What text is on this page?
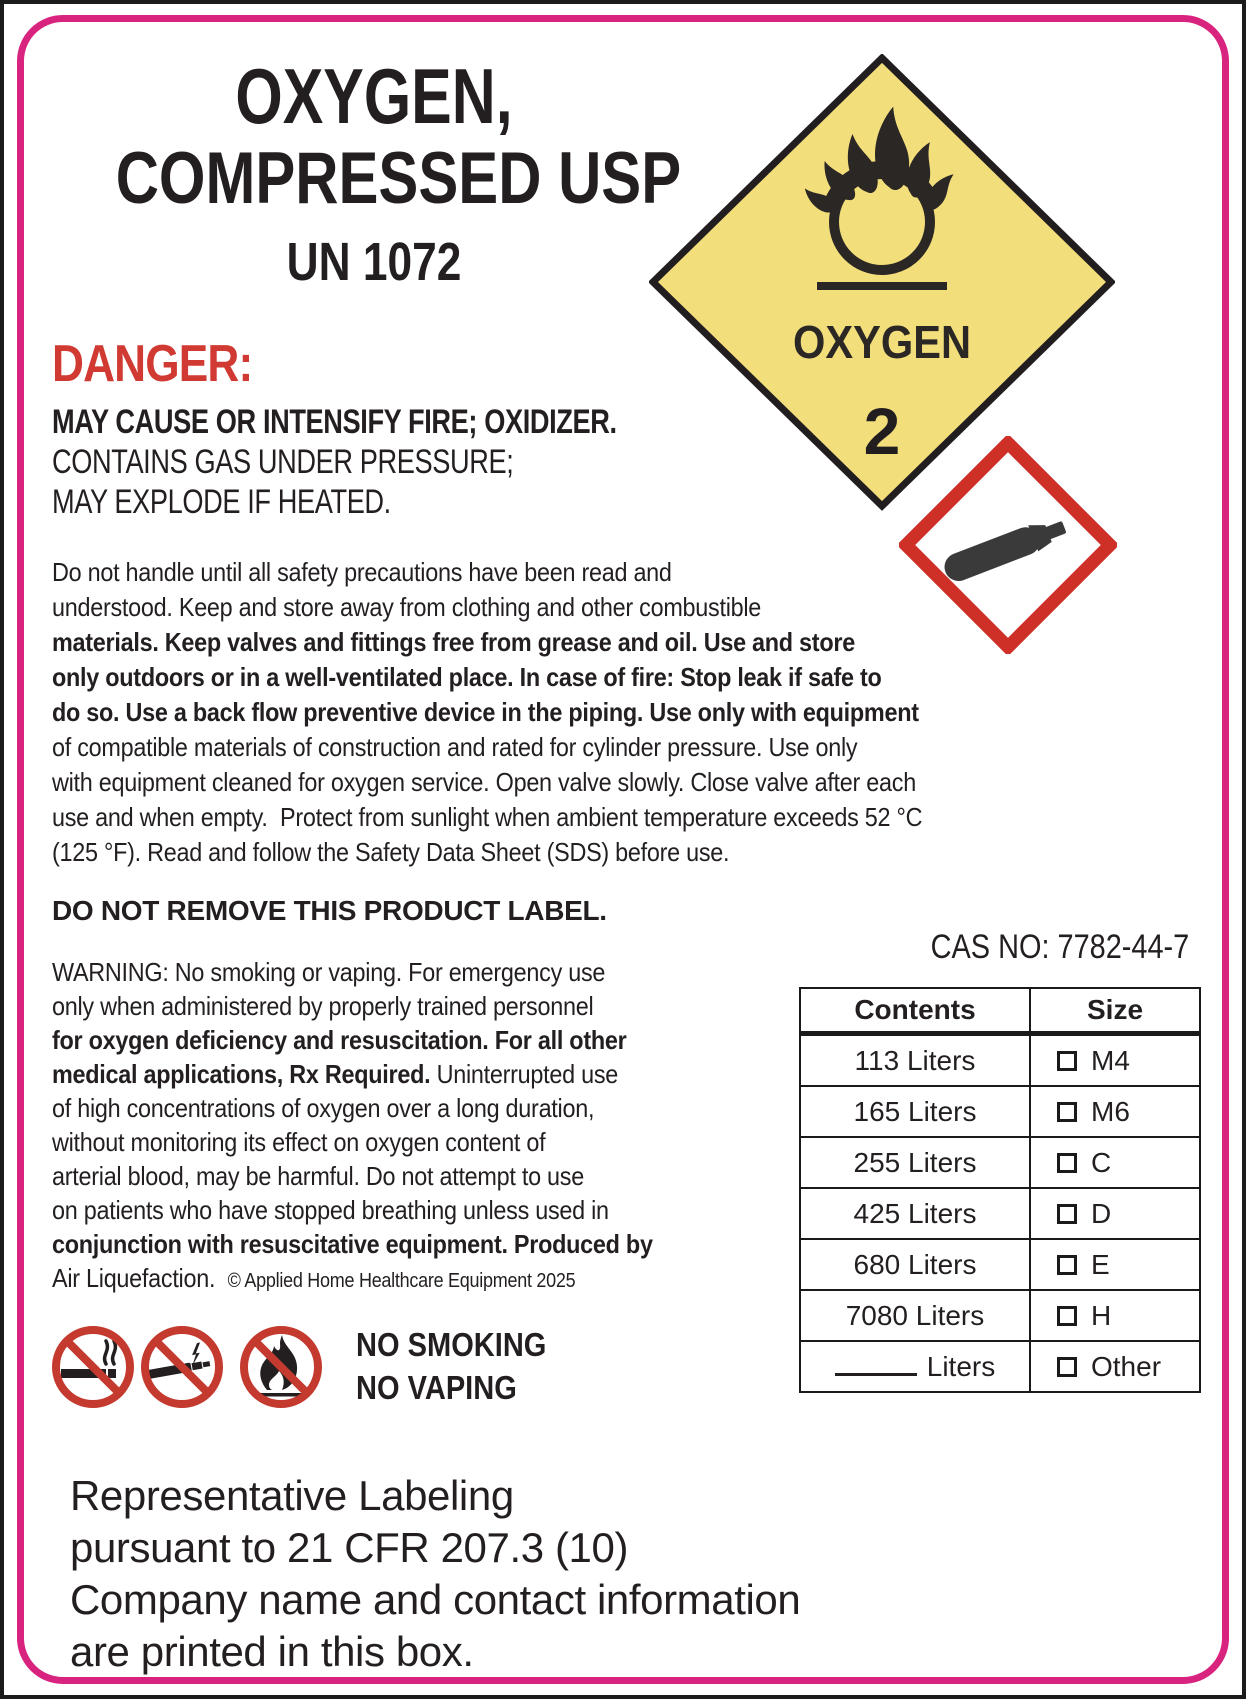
OXYGEN,
COMPRESSED USP
UN 1072
OXYGEN
2
DANGER:
MAY CAUSE OR INTENSIFY FIRE; OXIDIZER.
CONTAINS GAS UNDER PRESSURE;
MAY EXPLODE IF HEATED.
Do not handle until all safety precautions have been read and
understood. Keep and store away from clothing and other combustible
materials. Keep valves and fittings free from grease and oil. Use and store
only outdoors or in a well-ventilated place. In case of fire: Stop leak if safe to
do so. Use a back flow preventive device in the piping. Use only with equipment
of compatible materials of construction and rated for cylinder pressure. Use only
with equipment cleaned for oxygen service. Open valve slowly. Close valve after each
use and when empty.  Protect from sunlight when ambient temperature exceeds 52 °C
(125 °F). Read and follow the Safety Data Sheet (SDS) before use.
DO NOT REMOVE THIS PRODUCT LABEL.
WARNING: No smoking or vaping. For emergency use
only when administered by properly trained personnel
for oxygen deficiency and resuscitation. For all other
medical applications, Rx Required. Uninterrupted use
of high concentrations of oxygen over a long duration,
without monitoring its effect on oxygen content of
arterial blood, may be harmful. Do not attempt to use
on patients who have stopped breathing unless used in
conjunction with resuscitative equipment. Produced by
Air Liquefaction.  © Applied Home Healthcare Equipment 2025
CAS NO: 7782-44-7
Contents	Size
113 Liters	M4

165 Liters	M6

255 Liters	C

425 Liters	D

680 Liters	E

7080 Liters	H

Liters	Other
NO SMOKING
NO VAPING
Representative Labeling
pursuant to 21 CFR 207.3 (10)
Company name and contact information
are printed in this box.
